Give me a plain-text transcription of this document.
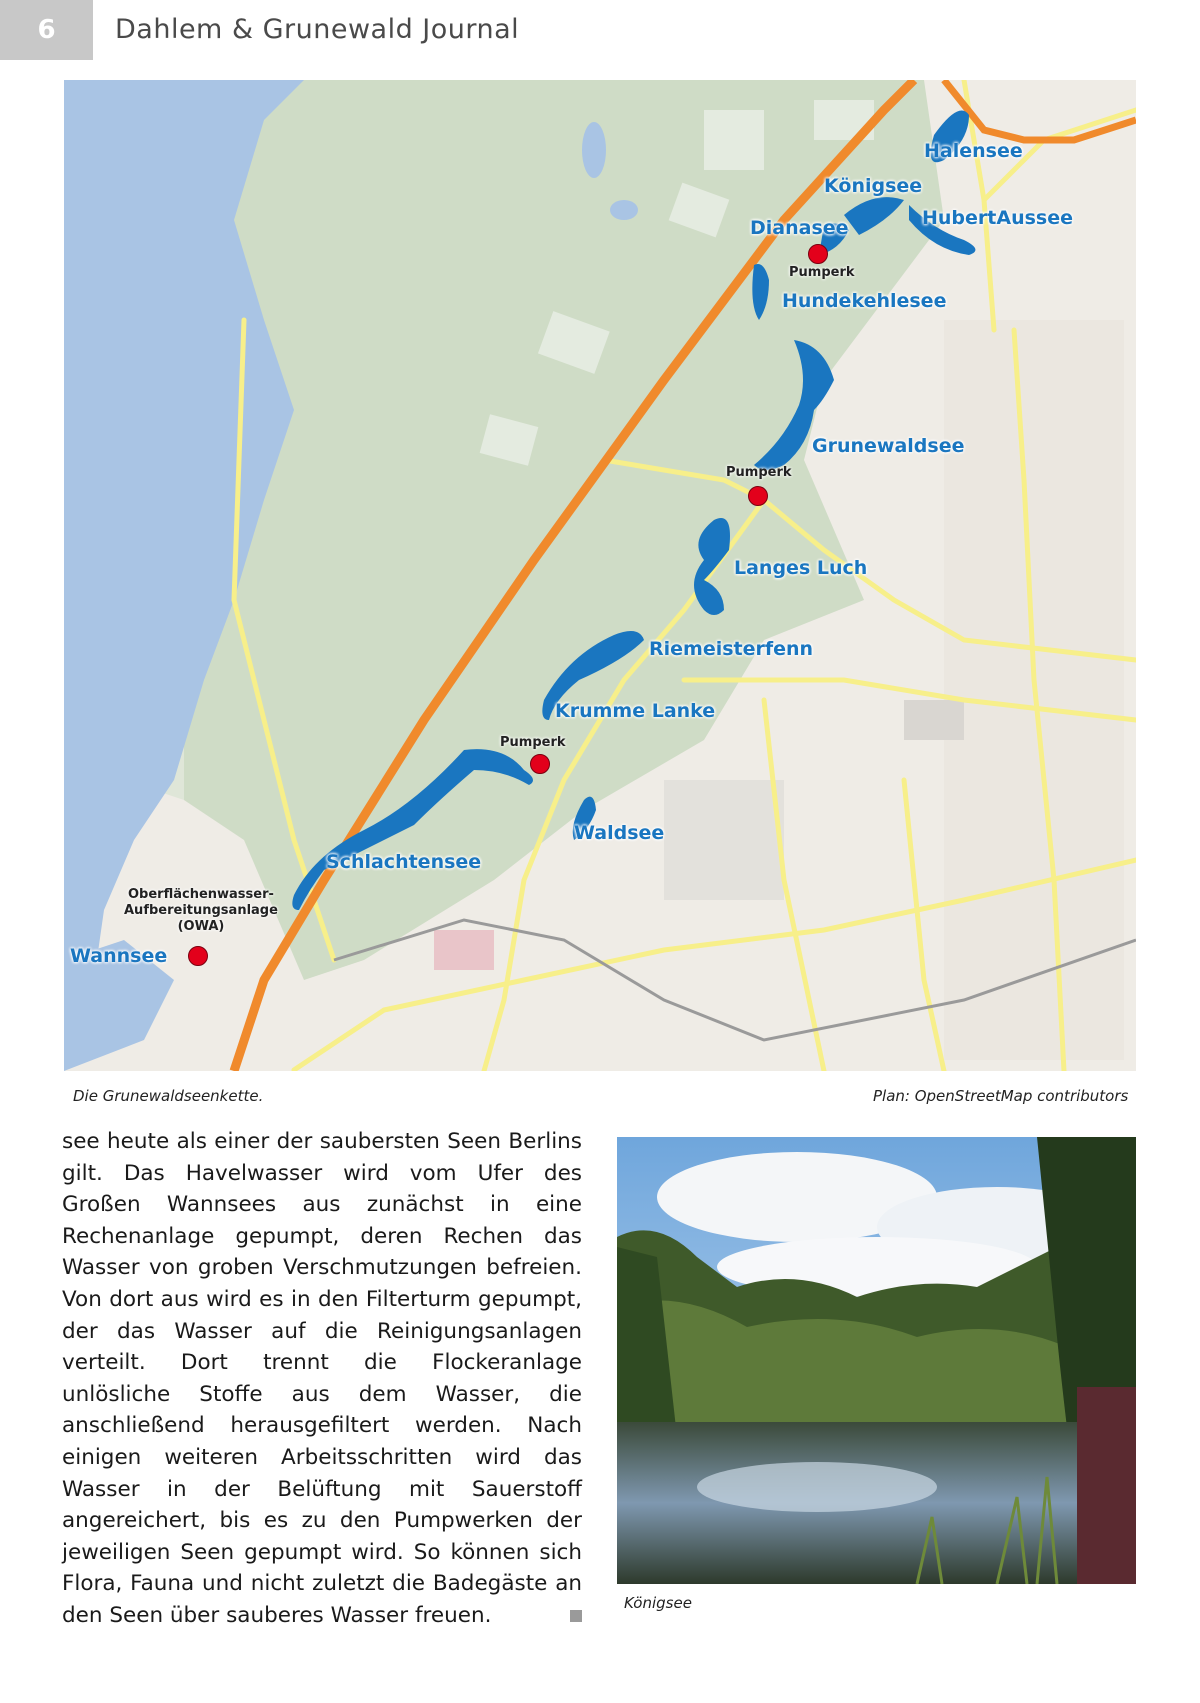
6	Dahlem & Grunewald Journal
Halensee
Königsee
Dianasee	HubertAussee
Hundekehlesee
Grunewaldsee
Langes Luch
Riemeisterfenn
Krumme Lanke
Waldsee
Schlachtensee
Wannsee
Pumperk
Pumperk
Pumperk
Oberflächenwasser-
Aufbereitungsanlage
(OWA)
Die Grunewaldseenkette.	Plan: OpenStreetMap contributors
see heute als einer der saubersten Seen Berlins gilt. Das Havelwasser wird vom Ufer des Großen Wannsees aus zunächst in eine Rechenanlage gepumpt, deren Rechen das Wasser von groben Verschmutzungen befreien. Von dort aus wird es in den Filterturm gepumpt, der das Wasser auf die Reinigungsanlagen verteilt. Dort trennt die Flockeranlage unlösliche Stoffe aus dem Wasser, die anschließend herausgefiltert werden. Nach einigen weiteren Arbeitsschritten wird das Wasser in der Belüftung mit Sauerstoff angereichert, bis es zu den Pumpwerken der jeweiligen Seen gepumpt wird. So können sich Flora, Fauna und nicht zuletzt die Badegäste an den Seen über sauberes Wasser freuen.	Königsee
